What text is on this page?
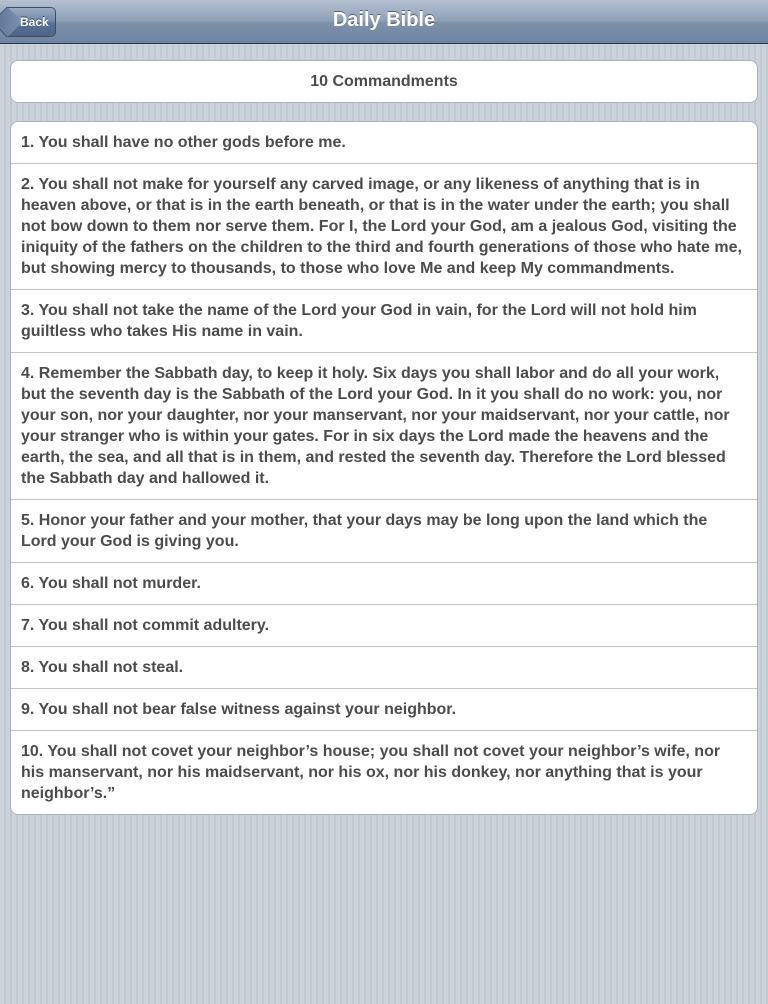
Back	Daily Bible
10 Commandments
1. You shall have no other gods before me.
2. You shall not make for yourself any carved image, or any likeness of anything that is in heaven above, or that is in the earth beneath, or that is in the water under the earth; you shall not bow down to them nor serve them. For I, the Lord your God, am a jealous God, visiting the iniquity of the fathers on the children to the third and fourth generations of those who hate me, but showing mercy to thousands, to those who love Me and keep My commandments.
3. You shall not take the name of the Lord your God in vain, for the Lord will not hold him guiltless who takes His name in vain.
4. Remember the Sabbath day, to keep it holy. Six days you shall labor and do all your work, but the seventh day is the Sabbath of the Lord your God. In it you shall do no work: you, nor your son, nor your daughter, nor your manservant, nor your maidservant, nor your cattle, nor your stranger who is within your gates. For in six days the Lord made the heavens and the earth, the sea, and all that is in them, and rested the seventh day. Therefore the Lord blessed the Sabbath day and hallowed it.
5. Honor your father and your mother, that your days may be long upon the land which the Lord your God is giving you.
6. You shall not murder.
7. You shall not commit adultery.
8. You shall not steal.
9. You shall not bear false witness against your neighbor.
10. You shall not covet your neighbor’s house; you shall not covet your neighbor’s wife, nor his manservant, nor his maidservant, nor his ox, nor his donkey, nor anything that is your neighbor’s.”
